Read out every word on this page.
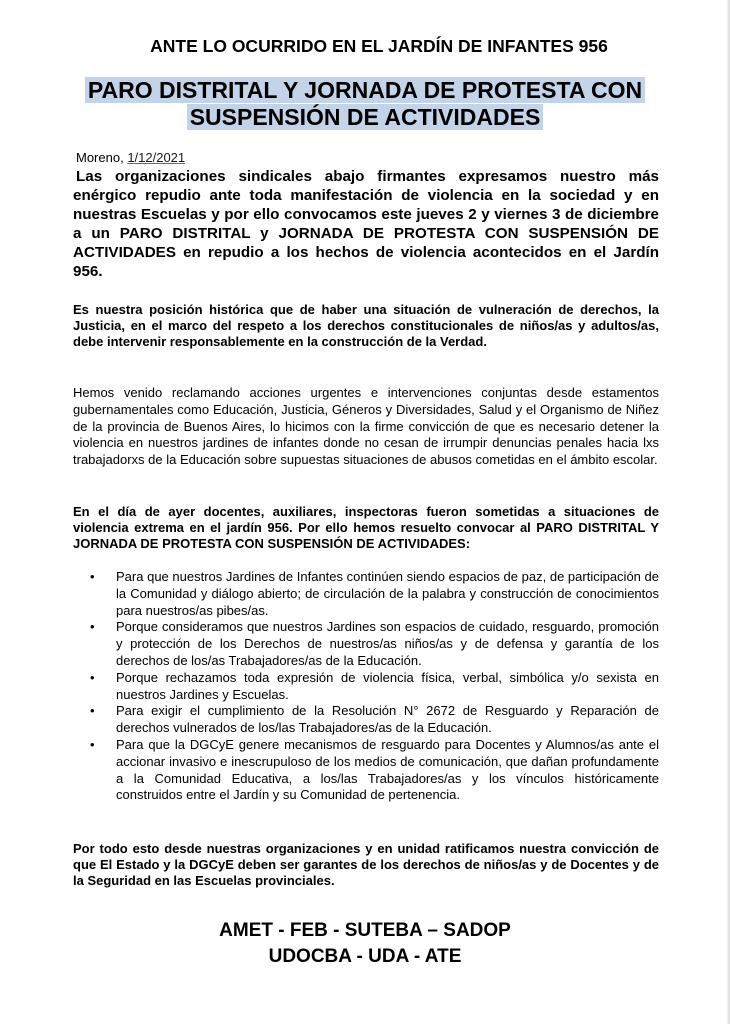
ANTE LO OCURRIDO EN EL JARDÍN DE INFANTES 956
PARO DISTRITAL Y JORNADA DE PROTESTA CON
SUSPENSIÓN DE ACTIVIDADES
Moreno, 1/12/2021
Las organizaciones sindicales abajo firmantes expresamos nuestro más enérgico repudio ante toda manifestación de violencia en la sociedad y en nuestras Escuelas y por ello convocamos este jueves 2 y viernes 3 de diciembre a un PARO DISTRITAL y JORNADA DE PROTESTA CON SUSPENSIÓN DE ACTIVIDADES en repudio a los hechos de violencia acontecidos en el Jardín 956.
Es nuestra posición histórica que de haber una situación de vulneración de derechos, la Justicia, en el marco del respeto a los derechos constitucionales de niños/as y adultos/as, debe intervenir responsablemente en la construcción de la Verdad.
Hemos venido reclamando acciones urgentes e intervenciones conjuntas desde estamentos gubernamentales como Educación, Justicia, Géneros y Diversidades, Salud y el Organismo de Niñez de la provincia de Buenos Aires, lo hicimos con la firme convicción de que es necesario detener la violencia en nuestros jardines de infantes donde no cesan de irrumpir denuncias penales hacia lxs trabajadorxs de la Educación sobre supuestas situaciones de abusos cometidas en el ámbito escolar.
En el día de ayer docentes, auxiliares, inspectoras fueron sometidas a situaciones de violencia extrema en el jardín 956. Por ello hemos resuelto convocar al PARO DISTRITAL Y JORNADA DE PROTESTA CON SUSPENSIÓN DE ACTIVIDADES:
• Para que nuestros Jardines de Infantes continúen siendo espacios de paz, de participación de la Comunidad y diálogo abierto; de circulación de la palabra y construcción de conocimientos para nuestros/as pibes/as.
• Porque consideramos que nuestros Jardines son espacios de cuidado, resguardo, promoción y protección de los Derechos de nuestros/as niños/as y de defensa y garantía de los derechos de los/as Trabajadores/as de la Educación.
• Porque rechazamos toda expresión de violencia física, verbal, simbólica y/o sexista en nuestros Jardines y Escuelas.
• Para exigir el cumplimiento de la Resolución N° 2672 de Resguardo y Reparación de derechos vulnerados de los/las Trabajadores/as de la Educación.
• Para que la DGCyE genere mecanismos de resguardo para Docentes y Alumnos/as ante el accionar invasivo e inescrupuloso de los medios de comunicación, que dañan profundamente a la Comunidad Educativa, a los/las Trabajadores/as y los vínculos históricamente construidos entre el Jardín y su Comunidad de pertenencia.
Por todo esto desde nuestras organizaciones y en unidad ratificamos nuestra convicción de que El Estado y la DGCyE deben ser garantes de los derechos de niños/as y de Docentes y de la Seguridad en las Escuelas provinciales.
AMET - FEB - SUTEBA – SADOP
UDOCBA - UDA - ATE
